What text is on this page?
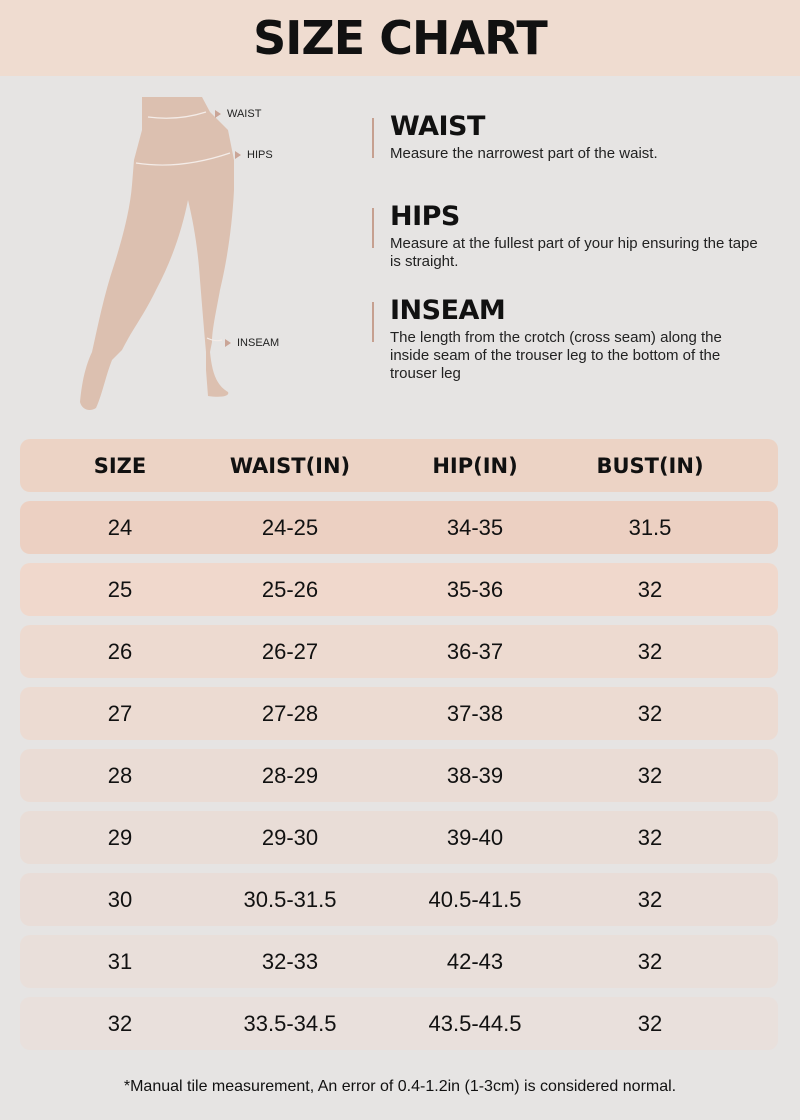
SIZE CHART
WAIST
HIPS
INSEAM
WAIST

Measure the narrowest part of the waist.

HIPS

Measure at the fullest part of your hip ensuring the tape is straight.

INSEAM

The length from the crotch (cross seam) along the inside seam of the trouser leg to the bottom of the trouser leg

SIZE	WAIST(IN)	HIP(IN)	BUST(IN)
24	24-25	34-35	31.5
25	25-26	35-36	32
26	26-27	36-37	32
27	27-28	37-38	32
28	28-29	38-39	32
29	29-30	39-40	32
30	30.5-31.5	40.5-41.5	32
31	32-33	42-43	32
32	33.5-34.5	43.5-44.5	32
*Manual tile measurement, An error of 0.4-1.2in (1-3cm) is considered normal.
